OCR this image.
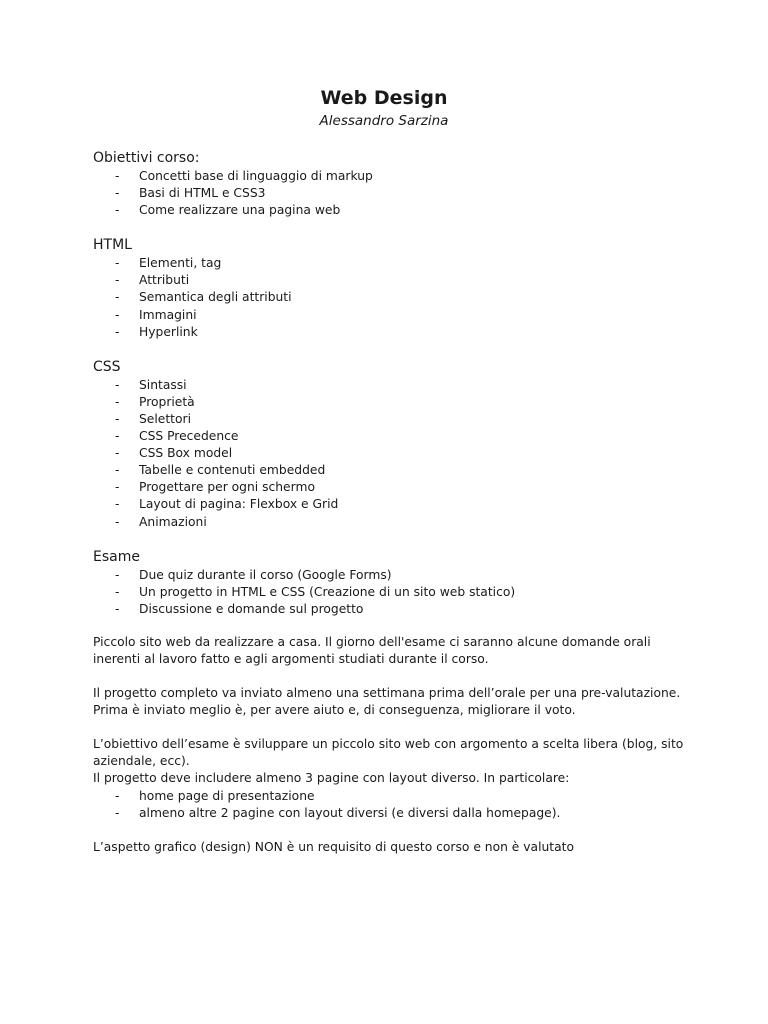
Web Design
Alessandro Sarzina
Obiettivi corso:
- Concetti base di linguaggio di markup
- Basi di HTML e CSS3
- Come realizzare una pagina web
HTML
- Elementi, tag
- Attributi
- Semantica degli attributi
- Immagini
- Hyperlink
CSS
- Sintassi
- Proprietà
- Selettori
- CSS Precedence
- CSS Box model
- Tabelle e contenuti embedded
- Progettare per ogni schermo
- Layout di pagina: Flexbox e Grid
- Animazioni
Esame
- Due quiz durante il corso (Google Forms)
- Un progetto in HTML e CSS (Creazione di un sito web statico)
- Discussione e domande sul progetto

Piccolo sito web da realizzare a casa. Il giorno dell'esame ci saranno alcune domande orali inerenti al lavoro fatto e agli argomenti studiati durante il corso.

Il progetto completo va inviato almeno una settimana prima dell’orale per una pre-valutazione. Prima è inviato meglio è, per avere aiuto e, di conseguenza, migliorare il voto.

L’obiettivo dell’esame è sviluppare un piccolo sito web con argomento a scelta libera (blog, sito aziendale, ecc).

Il progetto deve includere almeno 3 pagine con layout diverso. In particolare:

- home page di presentazione
- almeno altre 2 pagine con layout diversi (e diversi dalla homepage).

L’aspetto grafico (design) NON è un requisito di questo corso e non è valutato
